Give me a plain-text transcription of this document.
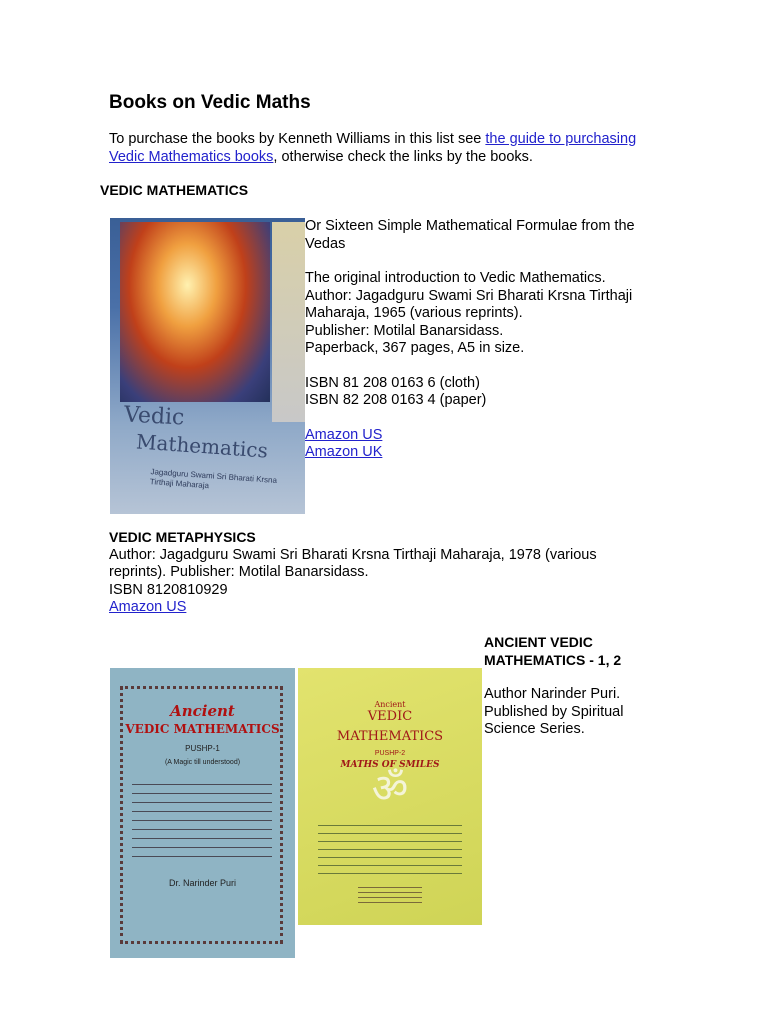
Books on Vedic Maths
To purchase the books by Kenneth Williams in this list see the guide to purchasing
Vedic Mathematics books, otherwise check the links by the books.
VEDIC MATHEMATICS
Vedic
Mathematics
Jagadguru Swami Sri Bharati Krsna Tirthaji Maharaja
Or Sixteen Simple Mathematical Formulae from the Vedas
The original introduction to Vedic Mathematics.
Author: Jagadguru Swami Sri Bharati Krsna Tirthaji Maharaja, 1965 (various reprints).
Publisher: Motilal Banarsidass.
Paperback, 367 pages, A5 in size.
ISBN 81 208 0163 6 (cloth)
ISBN 82 208 0163 4 (paper)
Amazon US
Amazon UK
VEDIC METAPHYSICS
Author: Jagadguru Swami Sri Bharati Krsna Tirthaji Maharaja, 1978 (various
reprints). Publisher: Motilal Banarsidass.
ISBN 8120810929
Amazon US
ANCIENT VEDIC
MATHEMATICS - 1, 2
Author Narinder Puri.
Published by Spiritual
Science Series.
Ancient
VEDIC MATHEMATICS
PUSHP-1
(A Magic till understood)
Dr. Narinder Puri
Ancient
VEDIC
MATHEMATICS
PUSHP-2
MATHS OF SMILES
ॐ
